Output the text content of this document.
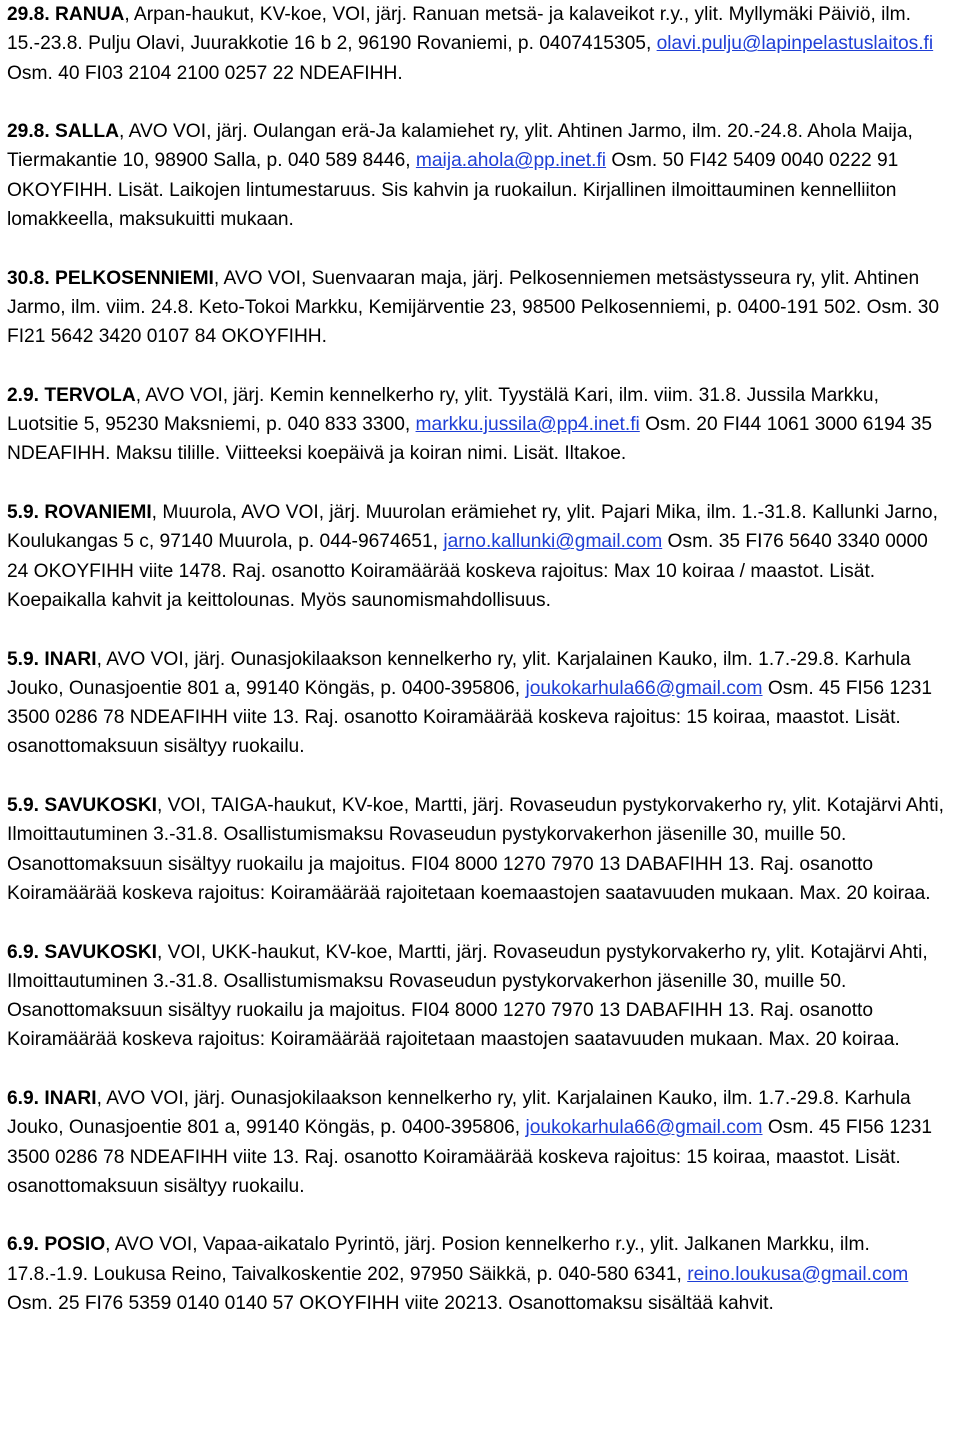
29.8. RANUA, Arpan-haukut, KV-koe, VOI, järj. Ranuan metsä- ja kalaveikot r.y., ylit. Myllymäki Päiviö, ilm. 15.-23.8. Pulju Olavi, Juurakkotie 16 b 2, 96190 Rovaniemi, p. 0407415305, olavi.pulju@lapinpelastuslaitos.fi Osm. 40 FI03 2104 2100 0257 22 NDEAFIHH.

29.8. SALLA, AVO VOI, järj. Oulangan erä-Ja kalamiehet ry, ylit. Ahtinen Jarmo, ilm. 20.-24.8. Ahola Maija, Tiermakantie 10, 98900 Salla, p. 040 589 8446, maija.ahola@pp.inet.fi Osm. 50 FI42 5409 0040 0222 91 OKOYFIHH. Lisät. Laikojen lintumestaruus. Sis kahvin ja ruokailun. Kirjallinen ilmoittauminen kennelliiton lomakkeella, maksukuitti mukaan.

30.8. PELKOSENNIEMI, AVO VOI, Suenvaaran maja, järj. Pelkosenniemen metsästysseura ry, ylit. Ahtinen Jarmo, ilm. viim. 24.8. Keto-Tokoi Markku, Kemijärventie 23, 98500 Pelkosenniemi, p. 0400-191 502. Osm. 30 FI21 5642 3420 0107 84 OKOYFIHH.

2.9. TERVOLA, AVO VOI, järj. Kemin kennelkerho ry, ylit. Tyystälä Kari, ilm. viim. 31.8. Jussila Markku, Luotsitie 5, 95230 Maksniemi, p. 040 833 3300, markku.jussila@pp4.inet.fi Osm. 20 FI44 1061 3000 6194 35 NDEAFIHH. Maksu tilille. Viitteeksi koepäivä ja koiran nimi. Lisät. Iltakoe.

5.9. ROVANIEMI, Muurola, AVO VOI, järj. Muurolan erämiehet ry, ylit. Pajari Mika, ilm. 1.-31.8. Kallunki Jarno, Koulukangas 5 c, 97140 Muurola, p. 044-9674651, jarno.kallunki@gmail.com Osm. 35 FI76 5640 3340 0000 24 OKOYFIHH viite 1478. Raj. osanotto Koiramäärää koskeva rajoitus: Max 10 koiraa / maastot. Lisät. Koepaikalla kahvit ja keittolounas. Myös saunomismahdollisuus.

5.9. INARI, AVO VOI, järj. Ounasjokilaakson kennelkerho ry, ylit. Karjalainen Kauko, ilm. 1.7.-29.8. Karhula Jouko, Ounasjoentie 801 a, 99140 Köngäs, p. 0400-395806, joukokarhula66@gmail.com Osm. 45 FI56 1231 3500 0286 78 NDEAFIHH viite 13. Raj. osanotto Koiramäärää koskeva rajoitus: 15 koiraa, maastot. Lisät. osanottomaksuun sisältyy ruokailu.

5.9. SAVUKOSKI, VOI, TAIGA-haukut, KV-koe, Martti, järj. Rovaseudun pystykorvakerho ry, ylit. Kotajärvi Ahti, Ilmoittautuminen 3.-31.8. Osallistumismaksu Rovaseudun pystykorvakerhon jäsenille 30, muille 50. Osanottomaksuun sisältyy ruokailu ja majoitus. FI04 8000 1270 7970 13 DABAFIHH 13. Raj. osanotto Koiramäärää koskeva rajoitus: Koiramäärää rajoitetaan koemaastojen saatavuuden mukaan. Max. 20 koiraa.

6.9. SAVUKOSKI, VOI, UKK-haukut, KV-koe, Martti, järj. Rovaseudun pystykorvakerho ry, ylit. Kotajärvi Ahti, Ilmoittautuminen 3.-31.8. Osallistumismaksu Rovaseudun pystykorvakerhon jäsenille 30, muille 50. Osanottomaksuun sisältyy ruokailu ja majoitus. FI04 8000 1270 7970 13 DABAFIHH 13. Raj. osanotto Koiramäärää koskeva rajoitus: Koiramäärää rajoitetaan maastojen saatavuuden mukaan. Max. 20 koiraa.

6.9. INARI, AVO VOI, järj. Ounasjokilaakson kennelkerho ry, ylit. Karjalainen Kauko, ilm. 1.7.-29.8. Karhula Jouko, Ounasjoentie 801 a, 99140 Köngäs, p. 0400-395806, joukokarhula66@gmail.com Osm. 45 FI56 1231 3500 0286 78 NDEAFIHH viite 13. Raj. osanotto Koiramäärää koskeva rajoitus: 15 koiraa, maastot. Lisät. osanottomaksuun sisältyy ruokailu.

6.9. POSIO, AVO VOI, Vapaa-aikatalo Pyrintö, järj. Posion kennelkerho r.y., ylit. Jalkanen Markku, ilm. 17.8.-1.9. Loukusa Reino, Taivalkoskentie 202, 97950 Säikkä, p. 040-580 6341, reino.loukusa@gmail.com Osm. 25 FI76 5359 0140 0140 57 OKOYFIHH viite 20213. Osanottomaksu sisältää kahvit.
